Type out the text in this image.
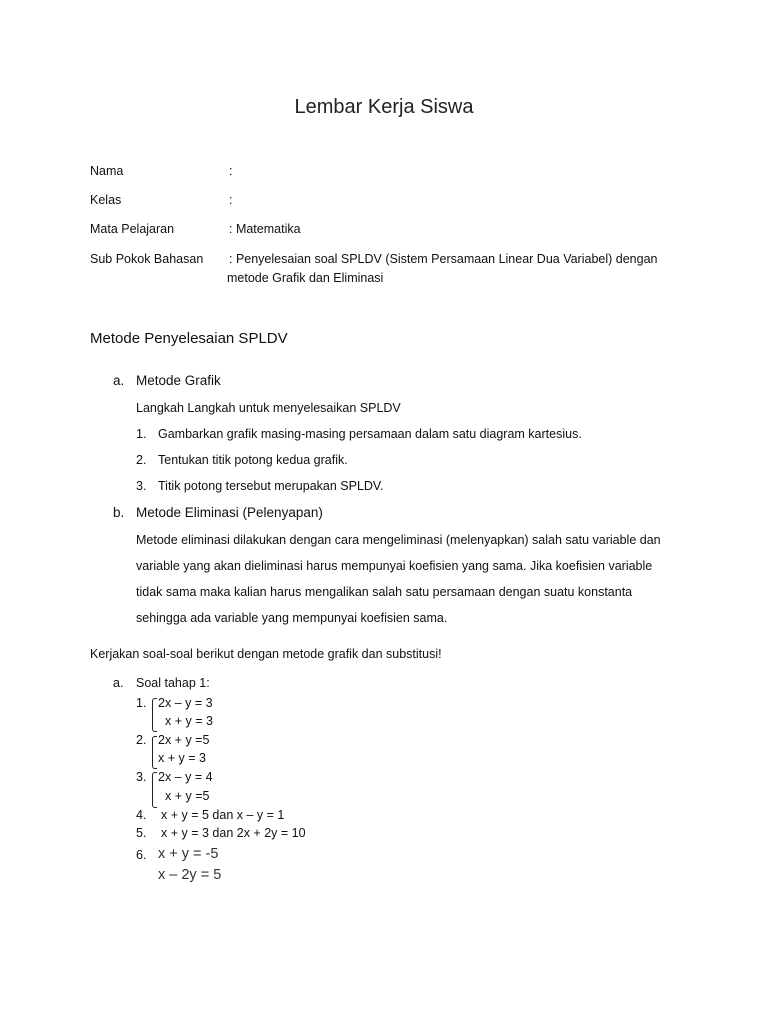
Lembar Kerja Siswa
Nama	:
Kelas	:
Mata Pelajaran	: Matematika
Sub Pokok Bahasan : Penyelesaian soal SPLDV (Sistem Persamaan Linear Dua Variabel) dengan
metode Grafik dan Eliminasi
Metode Penyelesaian SPLDV
a. Metode Grafik
Langkah Langkah untuk menyelesaikan SPLDV
1. Gambarkan grafik masing-masing persamaan dalam satu diagram kartesius.
2. Tentukan titik potong kedua grafik.
3. Titik potong tersebut merupakan SPLDV.
b. Metode Eliminasi (Pelenyapan)
Metode eliminasi dilakukan dengan cara mengeliminasi (melenyapkan) salah satu variable dan
variable yang akan dieliminasi harus mempunyai koefisien yang sama. Jika koefisien variable
tidak sama maka kalian harus mengalikan salah satu persamaan dengan suatu konstanta
sehingga ada variable yang mempunyai koefisien sama.
Kerjakan soal-soal berikut dengan metode grafik dan substitusi!
a. Soal tahap 1:
1. 2x – y = 3
x + y = 3
2. 2x + y =5
x + y = 3
3. 2x – y = 4
x + y =5
4. x + y = 5 dan x – y = 1
5. x + y = 3 dan 2x + 2y = 10
6. x + y = -5
x – 2y = 5
